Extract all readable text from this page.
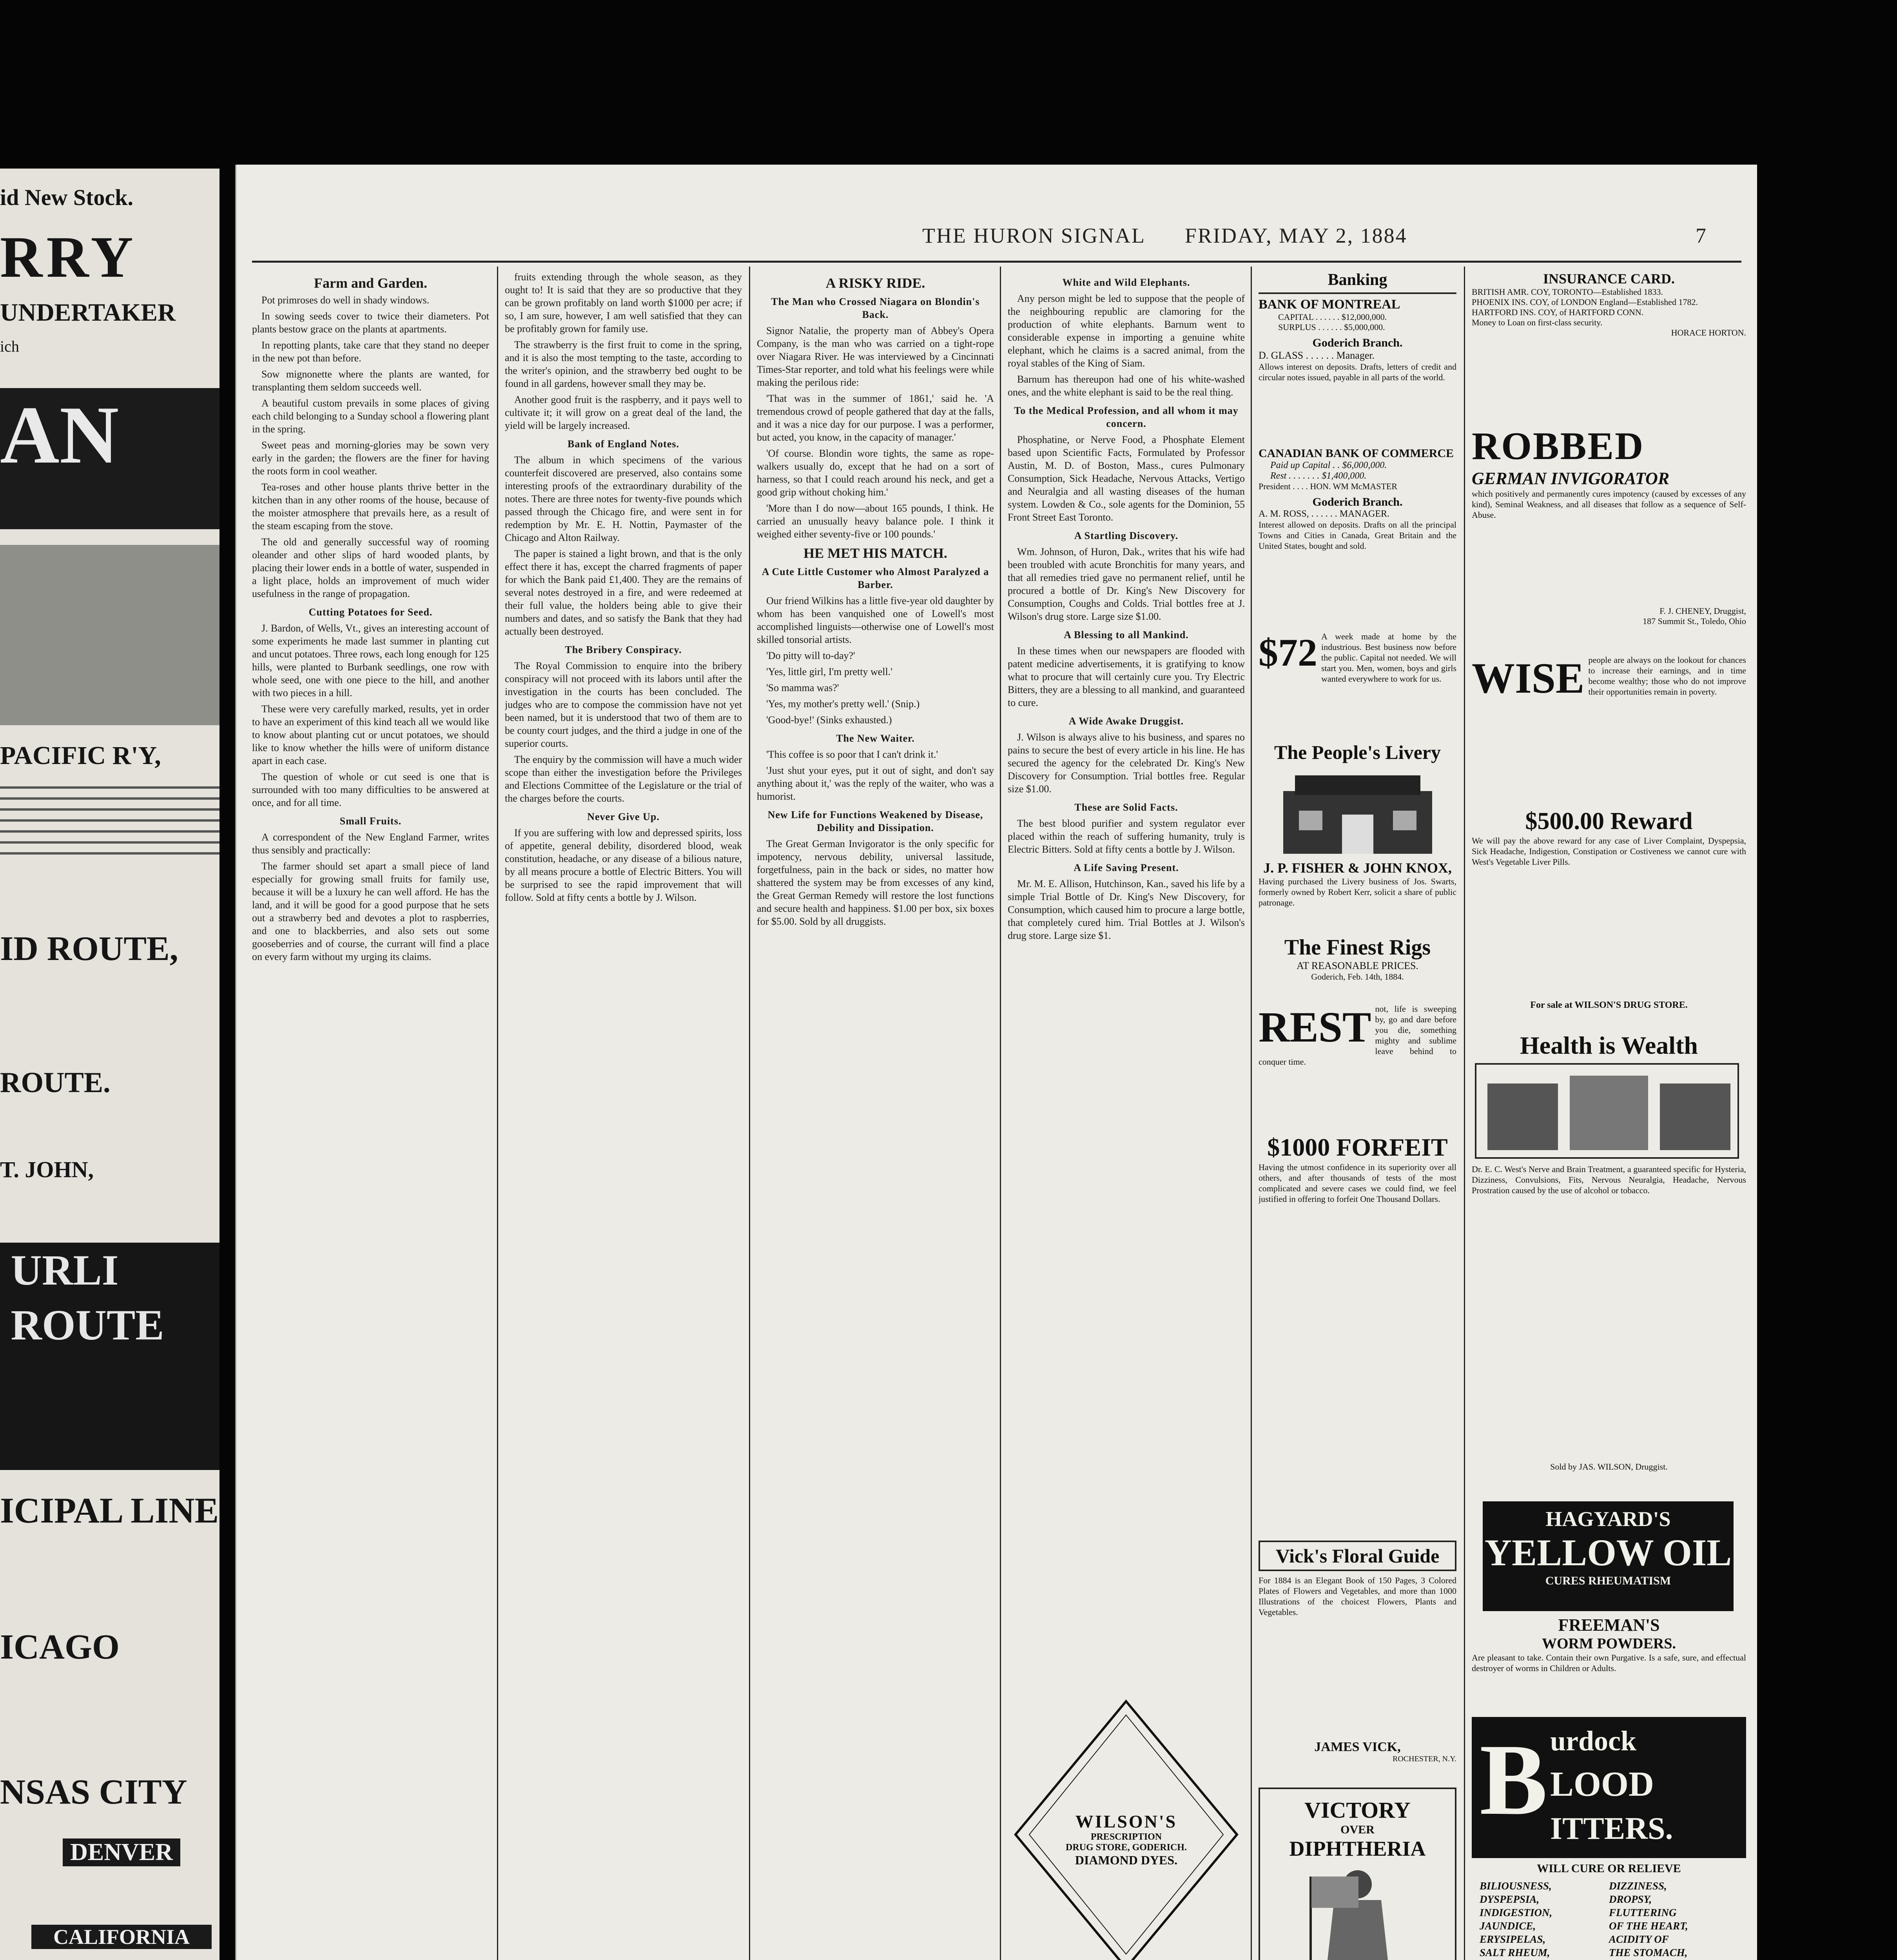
id New Stock.
RRY
UNDERTAKER
ich
AN
PACIFIC R'Y,
ID ROUTE,
ROUTE.
T. JOHN,
URLI
ROUTE
ICIPAL LINE
ICAGO
NSAS CITY
DENVER
CALIFORNIA
THE HURON SIGNAL FRIDAY, MAY 2, 1884	7
Farm and Garden.

Pot primroses do well in shady windows.

In sowing seeds cover to twice their diameters. Pot plants bestow grace on the plants at apartments.

In repotting plants, take care that they stand no deeper in the new pot than before.

Sow mignonette where the plants are wanted, for transplanting them seldom succeeds well.

A beautiful custom prevails in some places of giving each child belonging to a Sunday school a flowering plant in the spring.

Sweet peas and morning-glories may be sown very early in the garden; the flowers are the finer for having the roots form in cool weather.

Tea-roses and other house plants thrive better in the kitchen than in any other rooms of the house, because of the moister atmosphere that prevails here, as a result of the steam escaping from the stove.

The old and generally successful way of rooming oleander and other slips of hard wooded plants, by placing their lower ends in a bottle of water, suspended in a light place, holds an improvement of much wider usefulness in the range of propagation.

Cutting Potatoes for Seed.

J. Bardon, of Wells, Vt., gives an interesting account of some experiments he made last summer in planting cut and uncut potatoes. Three rows, each long enough for 125 hills, were planted to Burbank seedlings, one row with whole seed, one with one piece to the hill, and another with two pieces in a hill.

These were very carefully marked, results, yet in order to have an experiment of this kind teach all we would like to know about planting cut or uncut potatoes, we should like to know whether the hills were of uniform distance apart in each case.

The question of whole or cut seed is one that is surrounded with too many difficulties to be answered at once, and for all time.

Small Fruits.

A correspondent of the New England Farmer, writes thus sensibly and practically:

The farmer should set apart a small piece of land especially for growing small fruits for family use, because it will be a luxury he can well afford. He has the land, and it will be good for a good purpose that he sets out a strawberry bed and devotes a plot to raspberries, and one to blackberries, and also sets out some gooseberries and of course, the currant will find a place on every farm without my urging its claims.

fruits extending through the whole season, as they ought to! It is said that they are so productive that they can be grown profitably on land worth $1000 per acre; if so, I am sure, however, I am well satisfied that they can be profitably grown for family use.

The strawberry is the first fruit to come in the spring, and it is also the most tempting to the taste, according to the writer's opinion, and the strawberry bed ought to be found in all gardens, however small they may be.

Another good fruit is the raspberry, and it pays well to cultivate it; it will grow on a great deal of the land, the yield will be largely increased.

Bank of England Notes.

The album in which specimens of the various counterfeit discovered are preserved, also contains some interesting proofs of the extraordinary durability of the notes. There are three notes for twenty-five pounds which passed through the Chicago fire, and were sent in for redemption by Mr. E. H. Nottin, Paymaster of the Chicago and Alton Railway.

The paper is stained a light brown, and that is the only effect there it has, except the charred fragments of paper for which the Bank paid £1,400. They are the remains of several notes destroyed in a fire, and were redeemed at their full value, the holders being able to give their numbers and dates, and so satisfy the Bank that they had actually been destroyed.

The Bribery Conspiracy.

The Royal Commission to enquire into the bribery conspiracy will not proceed with its labors until after the investigation in the courts has been concluded. The judges who are to compose the commission have not yet been named, but it is understood that two of them are to be county court judges, and the third a judge in one of the superior courts.

The enquiry by the commission will have a much wider scope than either the investigation before the Privileges and Elections Committee of the Legislature or the trial of the charges before the courts.

Never Give Up.

If you are suffering with low and depressed spirits, loss of appetite, general debility, disordered blood, weak constitution, headache, or any disease of a bilious nature, by all means procure a bottle of Electric Bitters. You will be surprised to see the rapid improvement that will follow. Sold at fifty cents a bottle by J. Wilson.

A RISKY RIDE.
The Man who Crossed Niagara on Blondin's Back.

Signor Natalie, the property man of Abbey's Opera Company, is the man who was carried on a tight-rope over Niagara River. He was interviewed by a Cincinnati Times-Star reporter, and told what his feelings were while making the perilous ride:

'That was in the summer of 1861,' said he. 'A tremendous crowd of people gathered that day at the falls, and it was a nice day for our purpose. I was a performer, but acted, you know, in the capacity of manager.'

'Of course. Blondin wore tights, the same as rope-walkers usually do, except that he had on a sort of harness, so that I could reach around his neck, and get a good grip without choking him.'

'More than I do now—about 165 pounds, I think. He carried an unusually heavy balance pole. I think it weighed either seventy-five or 100 pounds.'

HE MET HIS MATCH.
A Cute Little Customer who Almost Paralyzed a Barber.

Our friend Wilkins has a little five-year old daughter by whom has been vanquished one of Lowell's most accomplished linguists—otherwise one of Lowell's most skilled tonsorial artists.

'Do pitty will to-day?'

'Yes, little girl, I'm pretty well.'

'So mamma was?'

'Yes, my mother's pretty well.' (Snip.)

'Good-bye!' (Sinks exhausted.)

The New Waiter.

'This coffee is so poor that I can't drink it.'

'Just shut your eyes, put it out of sight, and don't say anything about it,' was the reply of the waiter, who was a humorist.

New Life for Functions Weakened by Disease, Debility and Dissipation.

The Great German Invigorator is the only specific for impotency, nervous debility, universal lassitude, forgetfulness, pain in the back or sides, no matter how shattered the system may be from excesses of any kind, the Great German Remedy will restore the lost functions and secure health and happiness. $1.00 per box, six boxes for $5.00. Sold by all druggists.

White and Wild Elephants.

Any person might be led to suppose that the people of the neighbouring republic are clamoring for the production of white elephants. Barnum went to considerable expense in importing a genuine white elephant, which he claims is a sacred animal, from the royal stables of the King of Siam.

Barnum has thereupon had one of his white-washed ones, and the white elephant is said to be the real thing.

To the Medical Profession, and all whom it may concern.

Phosphatine, or Nerve Food, a Phosphate Element based upon Scientific Facts, Formulated by Professor Austin, M. D. of Boston, Mass., cures Pulmonary Consumption, Sick Headache, Nervous Attacks, Vertigo and Neuralgia and all wasting diseases of the human system. Lowden & Co., sole agents for the Dominion, 55 Front Street East Toronto.

A Startling Discovery.

Wm. Johnson, of Huron, Dak., writes that his wife had been troubled with acute Bronchitis for many years, and that all remedies tried gave no permanent relief, until he procured a bottle of Dr. King's New Discovery for Consumption, Coughs and Colds. Trial bottles free at J. Wilson's drug store. Large size $1.00.

A Blessing to all Mankind.

In these times when our newspapers are flooded with patent medicine advertisements, it is gratifying to know what to procure that will certainly cure you. Try Electric Bitters, they are a blessing to all mankind, and guaranteed to cure.

A Wide Awake Druggist.

J. Wilson is always alive to his business, and spares no pains to secure the best of every article in his line. He has secured the agency for the celebrated Dr. King's New Discovery for Consumption. Trial bottles free. Regular size $1.00.

These are Solid Facts.

The best blood purifier and system regulator ever placed within the reach of suffering humanity, truly is Electric Bitters. Sold at fifty cents a bottle by J. Wilson.

A Life Saving Present.

Mr. M. E. Allison, Hutchinson, Kan., saved his life by a simple Trial Bottle of Dr. King's New Discovery, for Consumption, which caused him to procure a large bottle, that completely cured him. Trial Bottles at J. Wilson's drug store. Large size $1.

WILSON'S
PRESCRIPTION
DRUG STORE, GODERICH.
DIAMOND DYES.
Banking
BANK OF MONTREAL
CAPITAL . . . . . . $12,000,000.
SURPLUS . . . . . . $5,000,000.
Goderich Branch.
D. GLASS . . . . . . Manager.
Allows interest on deposits. Drafts, letters of credit and circular notes issued, payable in all parts of the world.
CANADIAN BANK OF COMMERCE
Paid up Capital . . $6,000,000.
Rest . . . . . . . $1,400,000.
President . . . . HON. WM McMASTER
Goderich Branch.
A. M. ROSS, . . . . . . MANAGER.
Interest allowed on deposits. Drafts on all the principal Towns and Cities in Canada, Great Britain and the United States, bought and sold.
$72 A week made at home by the industrious. Best business now before the public. Capital not needed. We will start you. Men, women, boys and girls wanted everywhere to work for us.
The People's Livery
J. P. FISHER & JOHN KNOX,
Having purchased the Livery business of Jos. Swarts, formerly owned by Robert Kerr, solicit a share of public patronage.
The Finest Rigs
AT REASONABLE PRICES.
Goderich, Feb. 14th, 1884.
REST not, life is sweeping by, go and dare before you die, something mighty and sublime leave behind to conquer time.
$1000 FORFEIT
Having the utmost confidence in its superiority over all others, and after thousands of tests of the most complicated and severe cases we could find, we feel justified in offering to forfeit One Thousand Dollars.
Vick's Floral Guide
For 1884 is an Elegant Book of 150 Pages, 3 Colored Plates of Flowers and Vegetables, and more than 1000 Illustrations of the choicest Flowers, Plants and Vegetables.
JAMES VICK,
ROCHESTER, N.Y.
VICTORY
OVER
DIPHTHERIA
INSURANCE CARD.
BRITISH AMR. COY, TORONTO—Established 1833.
PHOENIX INS. COY, of LONDON England—Established 1782.
HARTFORD INS. COY, of HARTFORD CONN.
Money to Loan on first-class security.
HORACE HORTON.
ROBBED
GERMAN INVIGORATOR
which positively and permanently cures impotency (caused by excesses of any kind), Seminal Weakness, and all diseases that follow as a sequence of Self-Abuse.
F. J. CHENEY, Druggist,
187 Summit St., Toledo, Ohio
WISE people are always on the lookout for chances to increase their earnings, and in time become wealthy; those who do not improve their opportunities remain in poverty.
$500.00 Reward
We will pay the above reward for any case of Liver Complaint, Dyspepsia, Sick Headache, Indigestion, Constipation or Costiveness we cannot cure with West's Vegetable Liver Pills.
For sale at WILSON'S DRUG STORE.
Health is Wealth
Dr. E. C. West's Nerve and Brain Treatment, a guaranteed specific for Hysteria, Dizziness, Convulsions, Fits, Nervous Neuralgia, Headache, Nervous Prostration caused by the use of alcohol or tobacco.
Sold by JAS. WILSON, Druggist.
HAGYARD'S
YELLOW OIL
CURES RHEUMATISM
FREEMAN'S
WORM POWDERS.
Are pleasant to take. Contain their own Purgative. Is a safe, sure, and effectual destroyer of worms in Children or Adults.
B urdock
LOOD
ITTERS.
WILL CURE OR RELIEVE
BILIOUSNESS,	DIZZINESS,
DYSPEPSIA,	DROPSY,
INDIGESTION,	FLUTTERING
JAUNDICE,	OF THE HEART,
ERYSIPELAS,	ACIDITY OF
SALT RHEUM,	THE STOMACH,
